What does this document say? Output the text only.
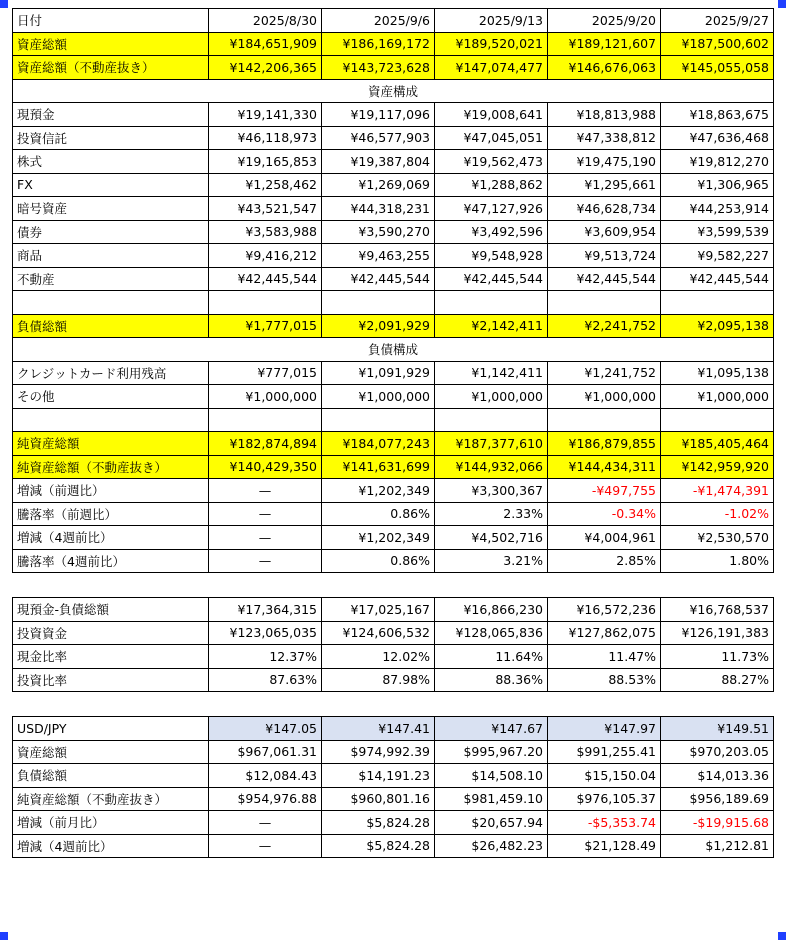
日付	2025/8/30	2025/9/6	2025/9/13	2025/9/20	2025/9/27
資産総額	¥184,651,909	¥186,169,172	¥189,520,021	¥189,121,607	¥187,500,602
資産総額（不動産抜き）	¥142,206,365	¥143,723,628	¥147,074,477	¥146,676,063	¥145,055,058
資産構成					
現預金	¥19,141,330	¥19,117,096	¥19,008,641	¥18,813,988	¥18,863,675
投資信託	¥46,118,973	¥46,577,903	¥47,045,051	¥47,338,812	¥47,636,468
株式	¥19,165,853	¥19,387,804	¥19,562,473	¥19,475,190	¥19,812,270
FX	¥1,258,462	¥1,269,069	¥1,288,862	¥1,295,661	¥1,306,965
暗号資産	¥43,521,547	¥44,318,231	¥47,127,926	¥46,628,734	¥44,253,914
債券	¥3,583,988	¥3,590,270	¥3,492,596	¥3,609,954	¥3,599,539
商品	¥9,416,212	¥9,463,255	¥9,548,928	¥9,513,724	¥9,582,227
不動産	¥42,445,544	¥42,445,544	¥42,445,544	¥42,445,544	¥42,445,544

負債総額	¥1,777,015	¥2,091,929	¥2,142,411	¥2,241,752	¥2,095,138
負債構成					
クレジットカード利用残高	¥777,015	¥1,091,929	¥1,142,411	¥1,241,752	¥1,095,138
その他	¥1,000,000	¥1,000,000	¥1,000,000	¥1,000,000	¥1,000,000

純資産総額	¥182,874,894	¥184,077,243	¥187,377,610	¥186,879,855	¥185,405,464
純資産総額（不動産抜き）	¥140,429,350	¥141,631,699	¥144,932,066	¥144,434,311	¥142,959,920
増減（前週比）	—	¥1,202,349	¥3,300,367	-¥497,755	-¥1,474,391
騰落率（前週比）	—	0.86%	2.33%	-0.34%	-1.02%
増減（4週前比）	—	¥1,202,349	¥4,502,716	¥4,004,961	¥2,530,570
騰落率（4週前比）	—	0.86%	3.21%	2.85%	1.80%
現預金-負債総額	¥17,364,315	¥17,025,167	¥16,866,230	¥16,572,236	¥16,768,537
投資資金	¥123,065,035	¥124,606,532	¥128,065,836	¥127,862,075	¥126,191,383
現金比率	12.37%	12.02%	11.64%	11.47%	11.73%
投資比率	87.63%	87.98%	88.36%	88.53%	88.27%
USD/JPY	¥147.05	¥147.41	¥147.67	¥147.97	¥149.51
資産総額	$967,061.31	$974,992.39	$995,967.20	$991,255.41	$970,203.05
負債総額	$12,084.43	$14,191.23	$14,508.10	$15,150.04	$14,013.36
純資産総額（不動産抜き）	$954,976.88	$960,801.16	$981,459.10	$976,105.37	$956,189.69
増減（前月比）	—	$5,824.28	$20,657.94	-$5,353.74	-$19,915.68
増減（4週前比）	—	$5,824.28	$26,482.23	$21,128.49	$1,212.81
